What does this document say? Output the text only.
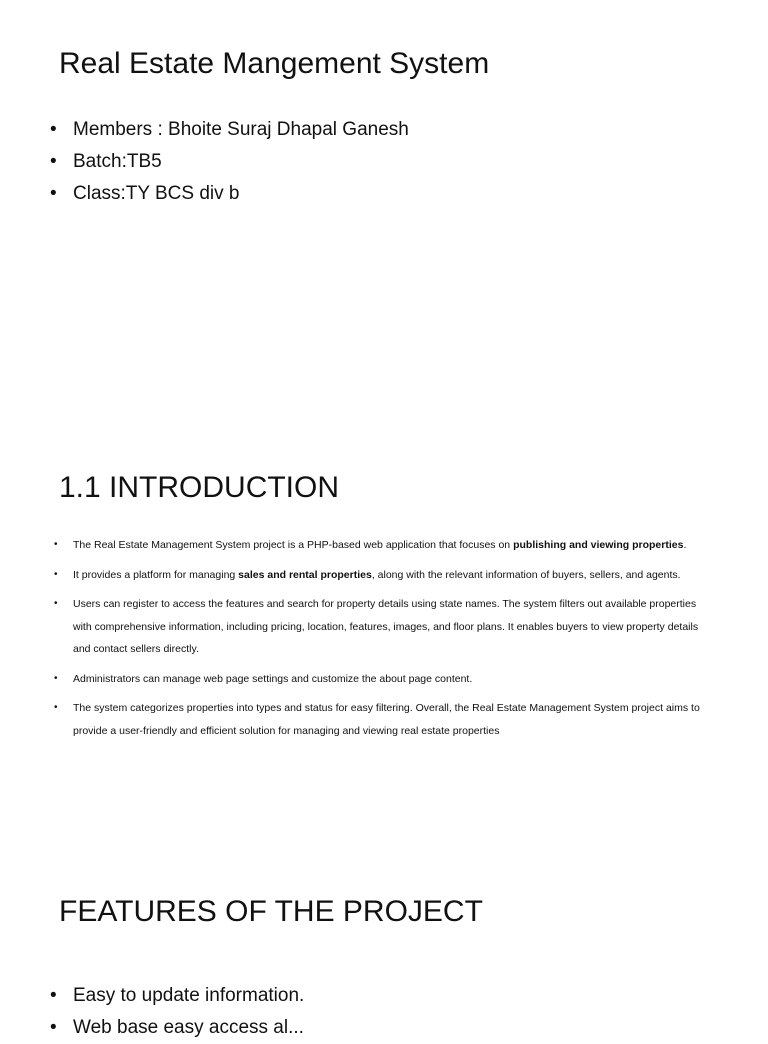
Real Estate Mangement System
• Members : Bhoite Suraj Dhapal Ganesh
• Batch:TB5
• Class:TY BCS div b
1.1 INTRODUCTION
• The Real Estate Management System project is a PHP-based web application that focuses on publishing and viewing properties.
• It provides a platform for managing sales and rental properties, along with the relevant information of buyers, sellers, and agents.
• Users can register to access the features and search for property details using state names. The system filters out available properties with comprehensive information, including pricing, location, features, images, and floor plans. It enables buyers to view property details and contact sellers directly.
• Administrators can manage web page settings and customize the about page content.
• The system categorizes properties into types and status for easy filtering. Overall, the Real Estate Management System project aims to provide a user-friendly and efficient solution for managing and viewing real estate properties
FEATURES OF THE PROJECT
• Easy to update information.
• Web base easy access al...
